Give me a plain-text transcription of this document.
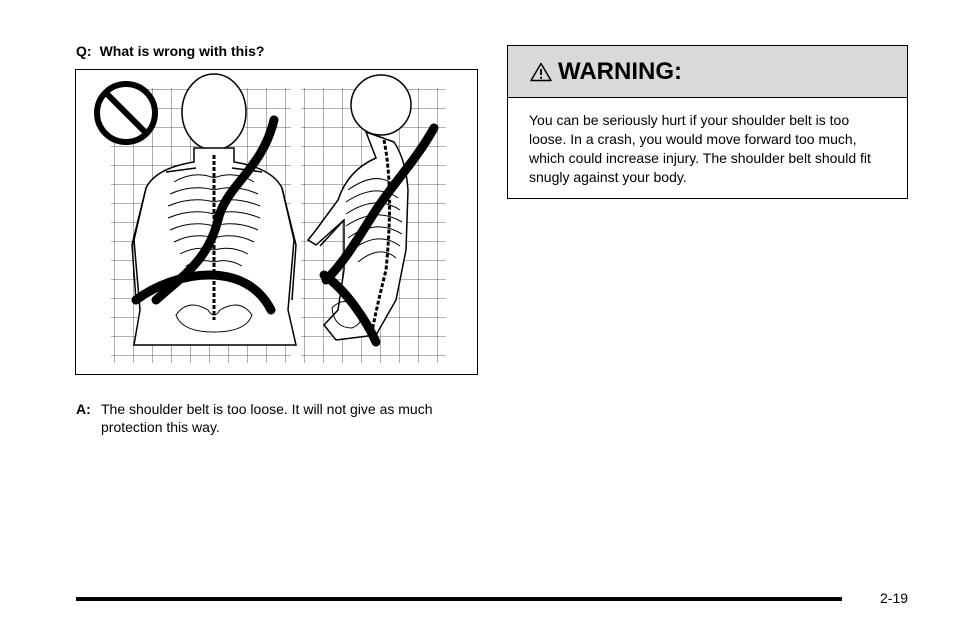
Q: What is wrong with this?
A: The shoulder belt is too loose. It will not give as much protection this way.
WARNING:
You can be seriously hurt if your shoulder belt is too loose. In a crash, you would move forward too much, which could increase injury. The shoulder belt should fit snugly against your body.
2-19
